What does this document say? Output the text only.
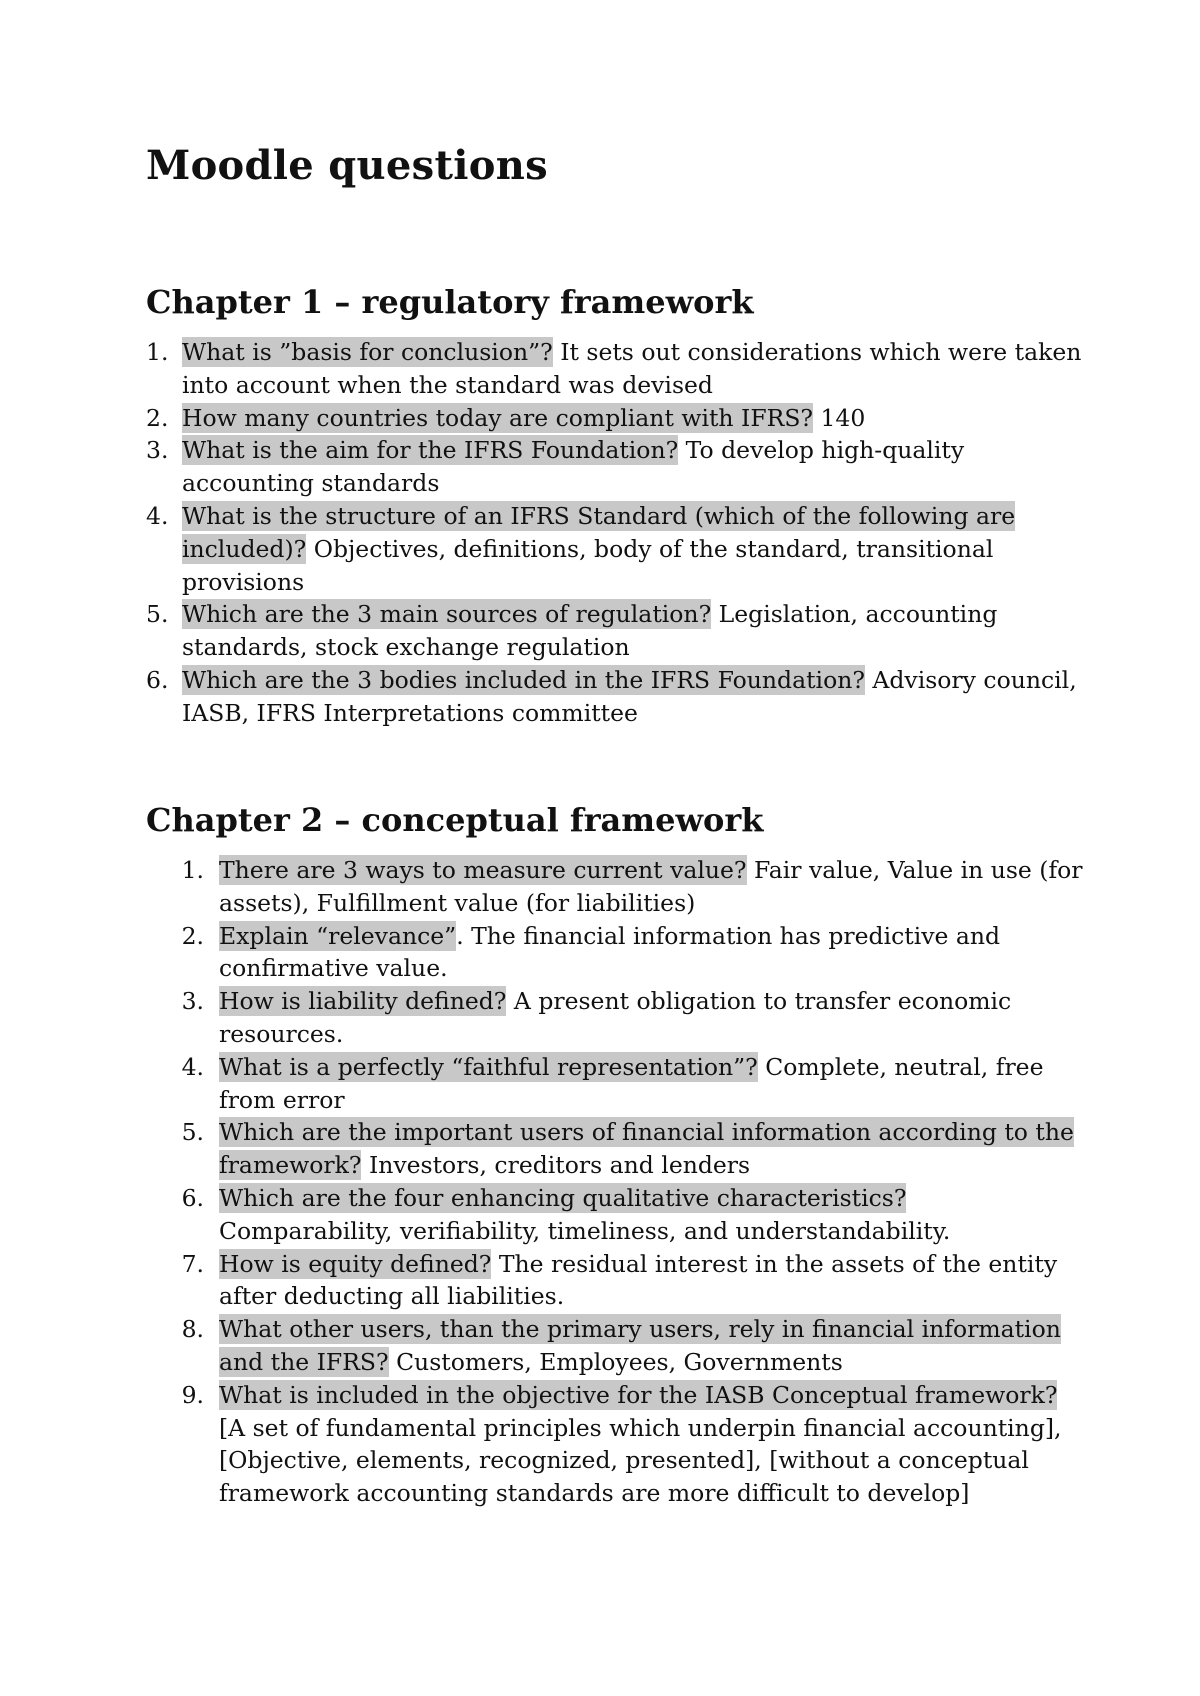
Moodle questions
Chapter 1 – regulatory framework
1. What is ”basis for conclusion”? It sets out considerations which were taken into account when the standard was devised
2. How many countries today are compliant with IFRS? 140
3. What is the aim for the IFRS Foundation? To develop high-quality accounting standards
4. What is the structure of an IFRS Standard (which of the following are included)? Objectives, definitions, body of the standard, transitional provisions
5. Which are the 3 main sources of regulation? Legislation, accounting standards, stock exchange regulation
6. Which are the 3 bodies included in the IFRS Foundation? Advisory council, IASB, IFRS Interpretations committee
Chapter 2 – conceptual framework
1. There are 3 ways to measure current value? Fair value, Value in use (for assets), Fulfillment value (for liabilities)
2. Explain “relevance”. The financial information has predictive and confirmative value.
3. How is liability defined? A present obligation to transfer economic resources.
4. What is a perfectly “faithful representation”? Complete, neutral, free from error
5. Which are the important users of financial information according to the framework? Investors, creditors and lenders
6. Which are the four enhancing qualitative characteristics? Comparability, verifiability, timeliness, and understandability.
7. How is equity defined? The residual interest in the assets of the entity after deducting all liabilities.
8. What other users, than the primary users, rely in financial information and the IFRS? Customers, Employees, Governments
9. What is included in the objective for the IASB Conceptual framework? [A set of fundamental principles which underpin financial accounting], [Objective, elements, recognized, presented], [without a conceptual framework accounting standards are more difficult to develop]
